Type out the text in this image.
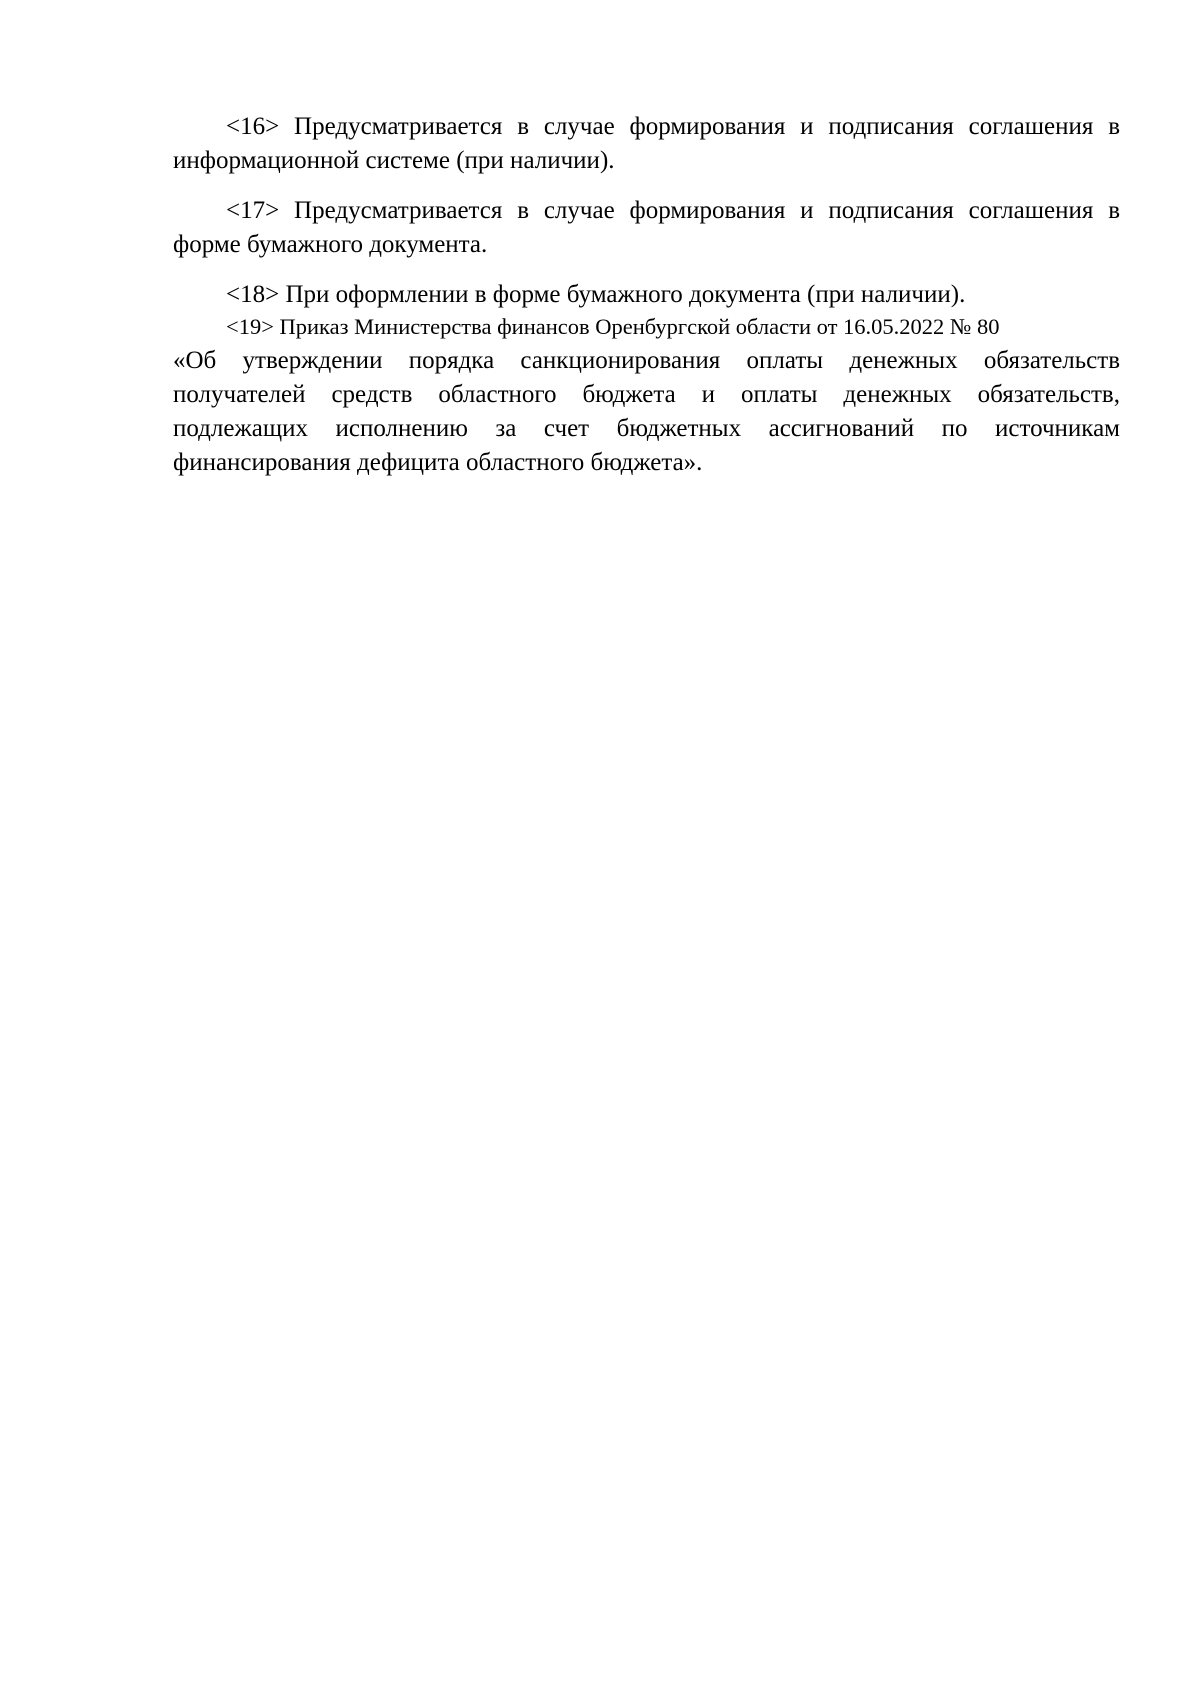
<16> Предусматривается в случае формирования и подписания соглашения в информационной системе (при наличии).

<17> Предусматривается в случае формирования и подписания соглашения в форме бумажного документа.

<18> При оформлении в форме бумажного документа (при наличии).

<19> Приказ Министерства финансов Оренбургской области от 16.05.2022 № 80

«Об утверждении порядка санкционирования оплаты денежных обязательств получателей средств областного бюджета и оплаты денежных обязательств, подлежащих исполнению за счет бюджетных ассигнований по источникам финансирования дефицита областного бюджета».
